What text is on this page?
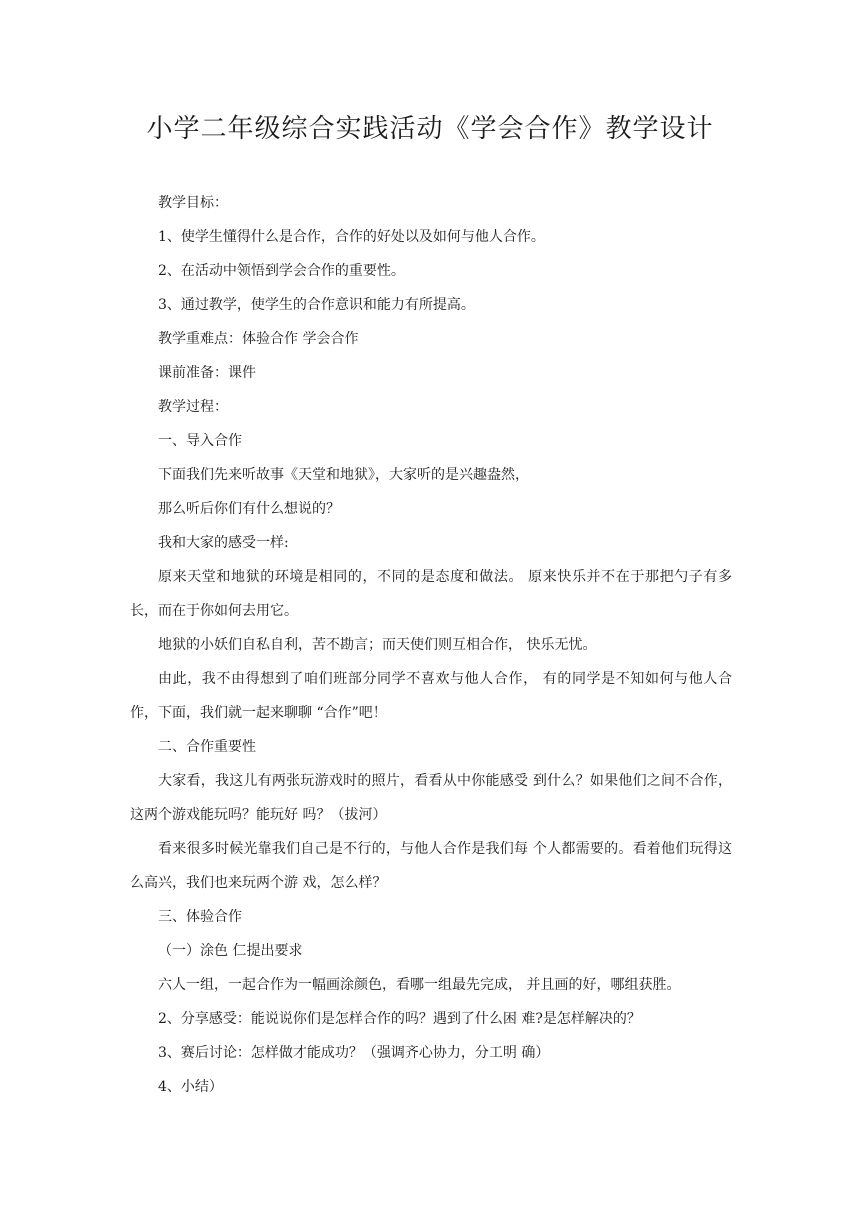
小学二年级综合实践活动《学会合作》教学设计

教学目标：

1、使学生懂得什么是合作，合作的好处以及如何与他人合作。

2、在活动中领悟到学会合作的重要性。

3、通过教学，使学生的合作意识和能力有所提高。

教学重难点：体验合作 学会合作

课前准备：课件

教学过程：

一、导入合作

下面我们先来听故事《天堂和地狱》，大家听的是兴趣盎然，

那么听后你们有什么想说的？

我和大家的感受一样:

原来天堂和地狱的环境是相同的，不同的是态度和做法。 原来快乐并不在于那把勺子有多长，而在于你如何去用它。

地狱的小妖们自私自利，苦不勘言；而天使们则互相合作， 快乐无忧。

由此，我不由得想到了咱们班部分同学不喜欢与他人合作， 有的同学是不知如何与他人合作，下面，我们就一起来聊聊 “合作”吧！

二、合作重要性

大家看，我这儿有两张玩游戏时的照片，看看从中你能感受 到什么？如果他们之间不合作，这两个游戏能玩吗？能玩好 吗？（拔河）

看来很多时候光靠我们自己是不行的，与他人合作是我们每 个人都需要的。看着他们玩得这么高兴，我们也来玩两个游 戏，怎么样？

三、体验合作

（一）涂色 仁提出要求

六人一组，一起合作为一幅画涂颜色，看哪一组最先完成， 并且画的好，哪组获胜。

2、分享感受：能说说你们是怎样合作的吗？遇到了什么困 难?是怎样解决的？

3、赛后讨论：怎样做才能成功？（强调齐心协力，分工明 确）

4、小结）
